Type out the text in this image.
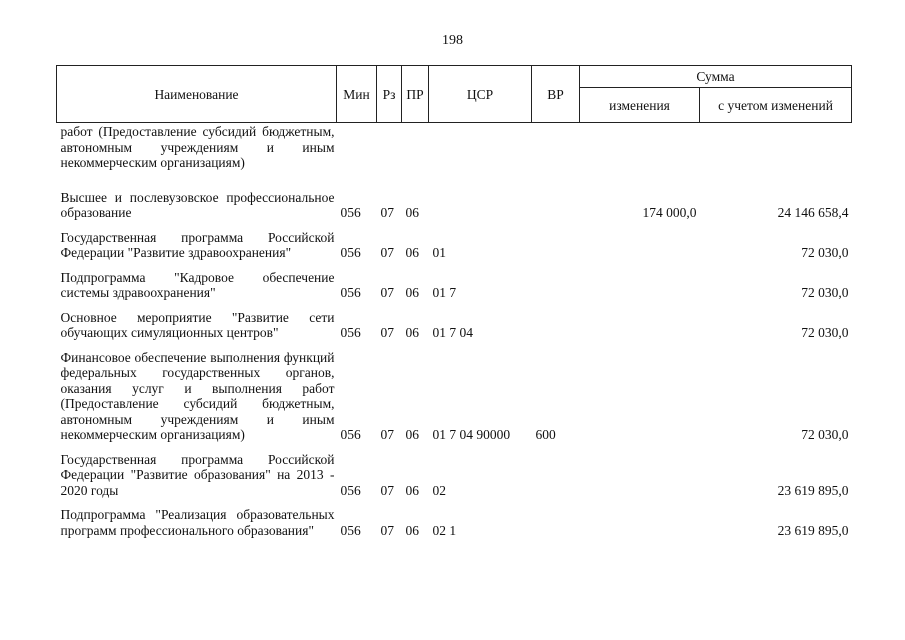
198
Наименование	Мин	Рз	ПР	ЦСР	ВР	Сумма	
						изменения	с учетом изменений
работ (Предоставление субсидий бюджетным, автономным учреждениям и иным некоммерческим организациям)							
Высшее и послевузовское профессиональное образование	056	07	06			174 000,0	24 146 658,4
Государственная программа Российской Федерации "Развитие здравоохранения"	056	07	06	01			72 030,0
Подпрограмма "Кадровое обеспечение системы здравоохранения"	056	07	06	01 7			72 030,0
Основное мероприятие "Развитие сети обучающих симуляционных центров"	056	07	06	01 7 04			72 030,0
Финансовое обеспечение выполнения функций федеральных государственных органов, оказания услуг и выполнения работ (Предоставление субсидий бюджетным, автономным учреждениям и иным некоммерческим организациям)	056	07	06	01 7 04 90000	600		72 030,0
Государственная программа Российской Федерации "Развитие образования" на 2013 - 2020 годы	056	07	06	02			23 619 895,0
Подпрограмма "Реализация образовательных программ профессионального образования"	056	07	06	02 1			23 619 895,0
